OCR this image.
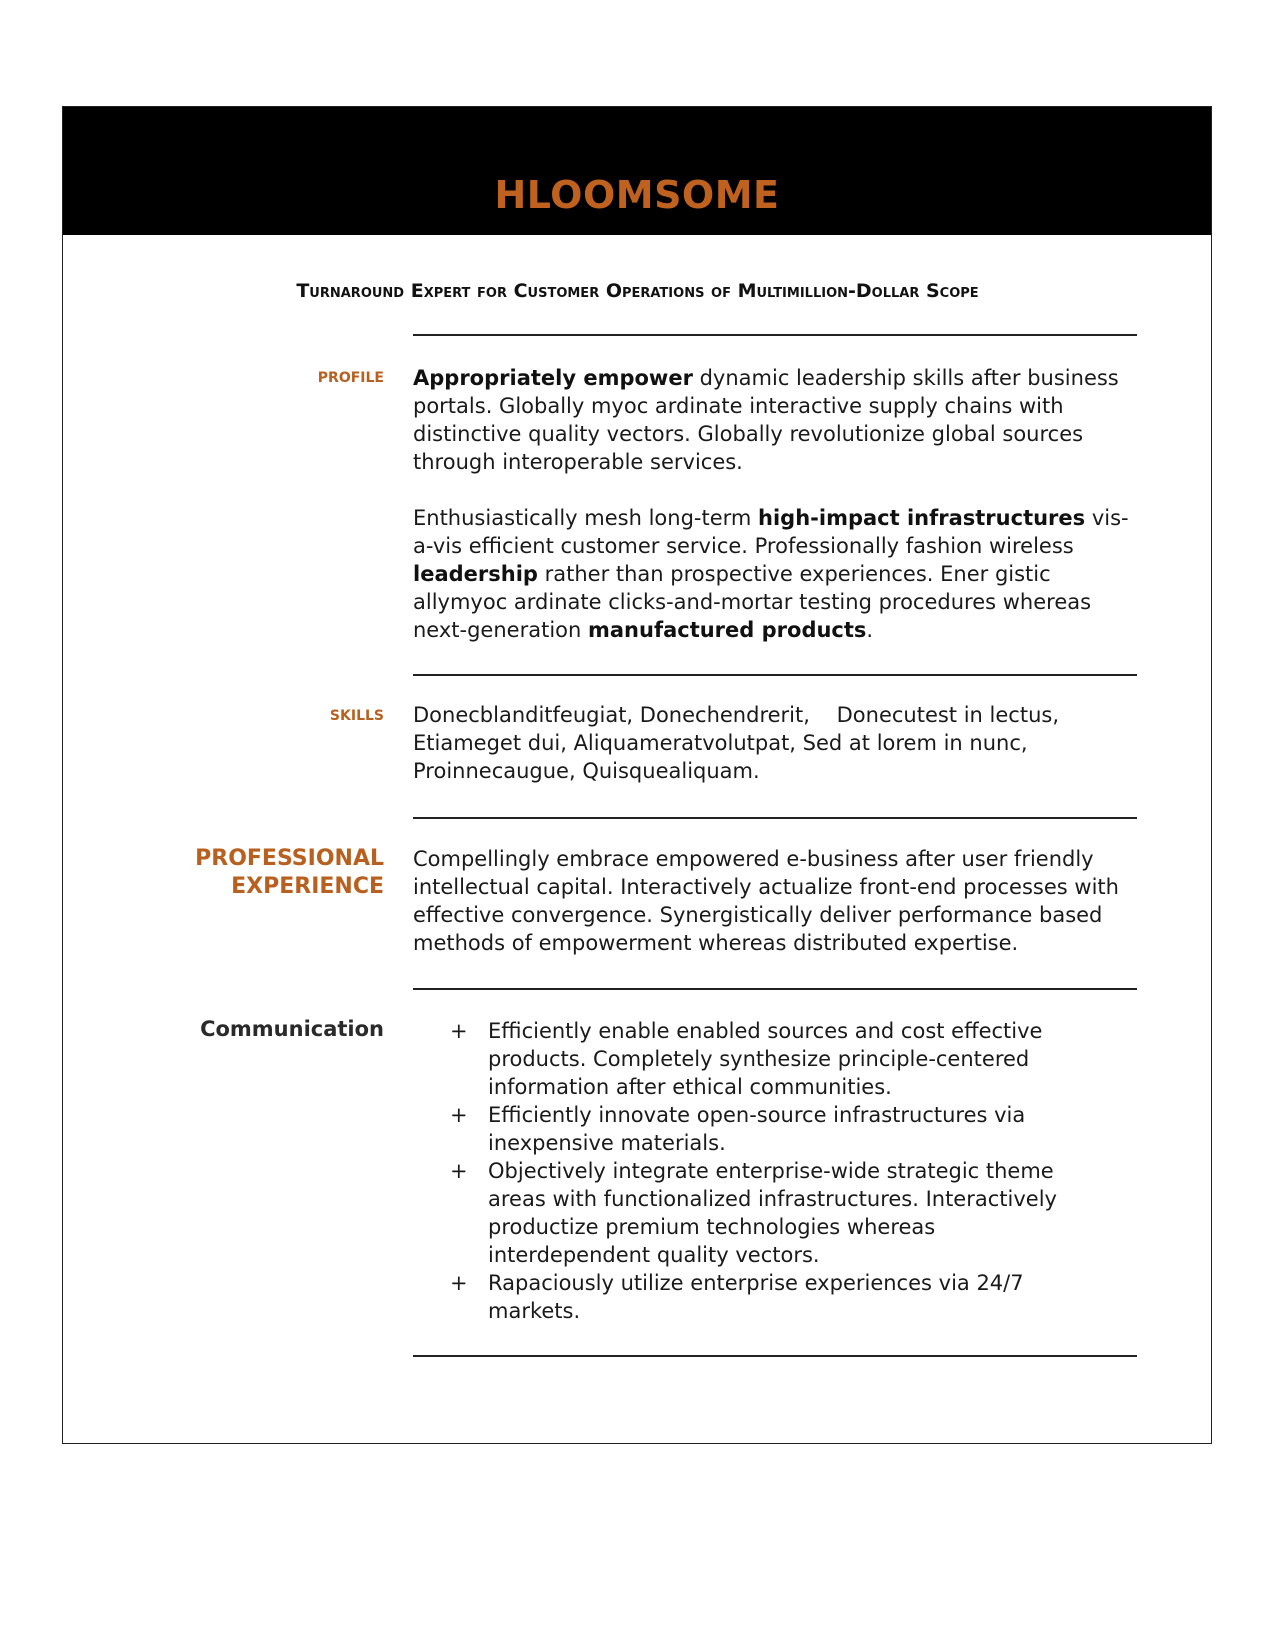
HLOOMSOME
Turnaround Expert for Customer Operations of Multimillion-Dollar Scope
PROFILE Appropriately empower dynamic leadership skills after business portals. Globally myoc ardinate interactive supply chains with distinctive quality vectors. Globally revolutionize global sources through interoperable services.

Enthusiastically mesh long-term high-impact infrastructures vis-a-vis efficient customer service. Professionally fashion wireless leadership rather than prospective experiences. Ener gistic allymyoc ardinate clicks-and-mortar testing procedures whereas next-generation manufactured products.

SKILLS Donecblanditfeugiat, Donechendrerit,    Donecutest in lectus, Etiameget dui, Aliquameratvolutpat, Sed at lorem in nunc, Proinnecaugue, Quisquealiquam.
PROFESSIONAL
EXPERIENCE
Compellingly embrace empowered e-business after user friendly intellectual capital. Interactively actualize front-end processes with effective convergence. Synergistically deliver performance based methods of empowerment whereas distributed expertise.
Communication	+ Efficiently enable enabled sources and cost effective products. Completely synthesize principle-centered information after ethical communities.
+ Efficiently innovate open-source infrastructures via inexpensive materials.
+ Objectively integrate enterprise-wide strategic theme areas with functionalized infrastructures. Interactively productize premium technologies whereas interdependent quality vectors.
+ Rapaciously utilize enterprise experiences via 24/7 markets.
